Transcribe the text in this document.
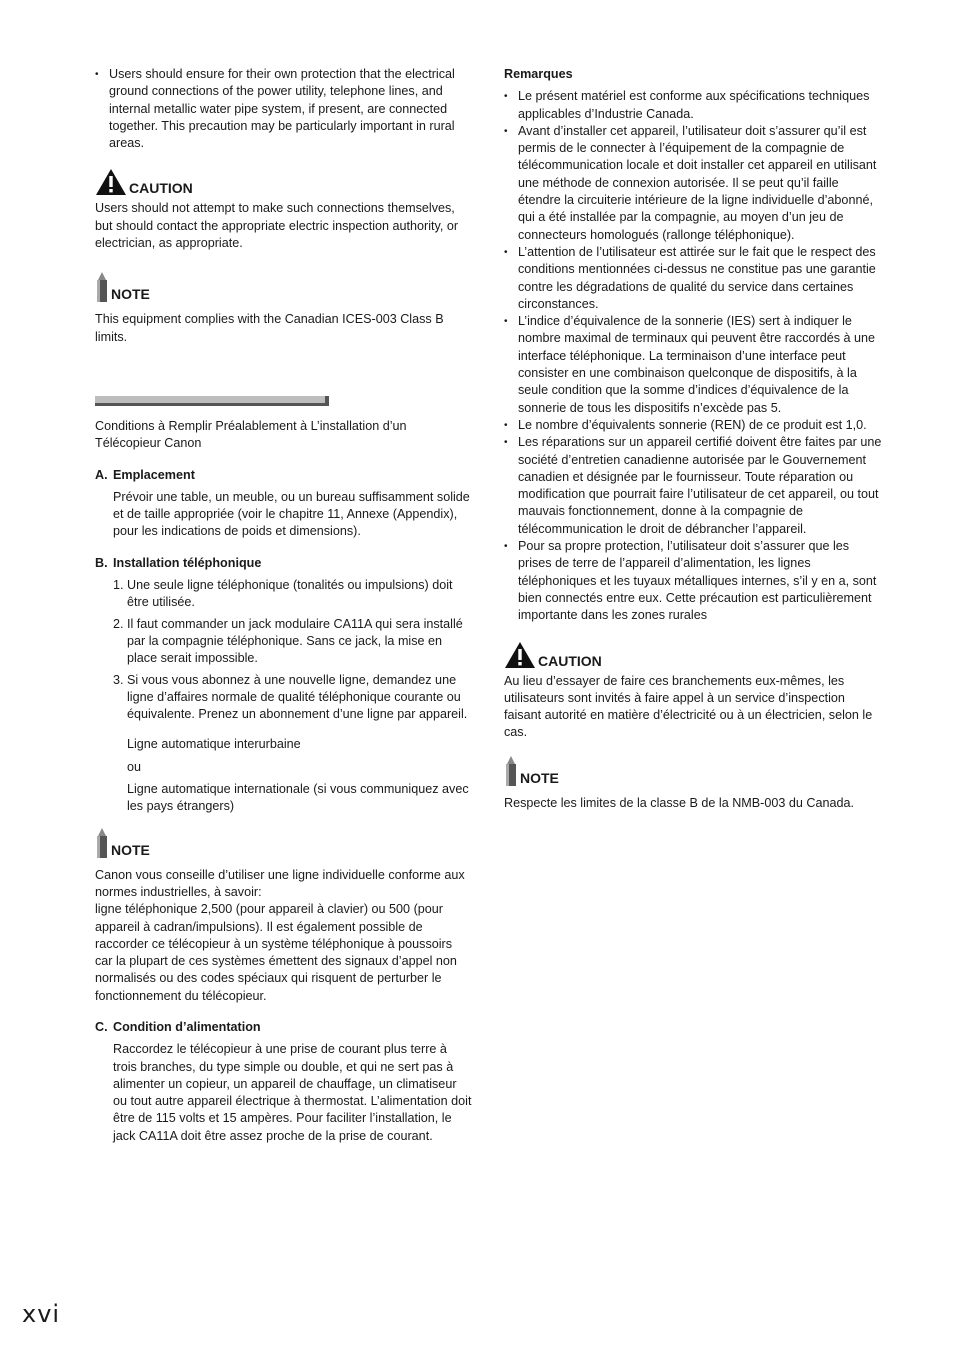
• Users should ensure for their own protection that the electrical ground connections of the power utility, telephone lines, and internal metallic water pipe system, if present, are connected together. This precaution may be particularly important in rural areas.
CAUTION

Users should not attempt to make such connections themselves, but should contact the appropriate electric inspection authority, or electrician, as appropriate.

NOTE

This equipment complies with the Canadian ICES-003 Class B limits.

Conditions à Remplir Préalablement à L’installation d’un Télécopieur Canon

A. Emplacement

Prévoir une table, un meuble, ou un bureau suffisamment solide et de taille appropriée (voir le chapitre 11, Annexe (Appendix), pour les indications de poids et dimensions).

B. Installation téléphonique
1. Une seule ligne téléphonique (tonalités ou impulsions) doit être utilisée.
2. Il faut commander un jack modulaire CA11A qui sera installé par la compagnie téléphonique. Sans ce jack, la mise en place serait impossible.
3. Si vous vous abonnez à une nouvelle ligne, demandez une ligne d’affaires normale de qualité téléphonique courante ou équivalente. Prenez un abonnement d’une ligne par appareil.

Ligne automatique interurbaine

ou

Ligne automatique internationale (si vous communiquez avec les pays étrangers)

NOTE

Canon vous conseille d’utiliser une ligne individuelle conforme aux normes industrielles, à savoir:

ligne téléphonique 2,500 (pour appareil à clavier) ou 500 (pour appareil à cadran/impulsions). Il est également possible de raccorder ce télécopieur à un système téléphonique à poussoirs car la plupart de ces systèmes émettent des signaux d’appel non normalisés ou des codes spéciaux qui risquent de perturber le fonctionnement du télécopieur.

C. Condition d’alimentation

Raccordez le télécopieur à une prise de courant plus terre à trois branches, du type simple ou double, et qui ne sert pas à alimenter un copieur, un appareil de chauffage, un climatiseur ou tout autre appareil électrique à thermostat. L’alimentation doit être de 115 volts et 15 ampères. Pour faciliter l’installation, le jack CA11A doit être assez proche de la prise de courant.

Remarques
• Le présent matériel est conforme aux spécifications techniques applicables d’Industrie Canada.
• Avant d’installer cet appareil, l’utilisateur doit s’assurer qu’il est permis de le connecter à l’équipement de la compagnie de télécommunication locale et doit installer cet appareil en utilisant une méthode de connexion autorisée. Il se peut qu’il faille étendre la circuiterie intérieure de la ligne individuelle d’abonné, qui a été installée par la compagnie, au moyen d’un jeu de connecteurs homologués (rallonge téléphonique).
• L’attention de l’utilisateur est attirée sur le fait que le respect des conditions mentionnées ci-dessus ne constitue pas une garantie contre les dégradations de qualité du service dans certaines circonstances.
• L’indice d’équivalence de la sonnerie (IES) sert à indiquer le nombre maximal de terminaux qui peuvent être raccordés à une interface téléphonique. La terminaison d’une interface peut consister en une combinaison quelconque de dispositifs, à la seule condition que la somme d’indices d’équivalence de la sonnerie de tous les dispositifs n’excède pas 5.
• Le nombre d’équivalents sonnerie (REN) de ce produit est 1,0.
• Les réparations sur un appareil certifié doivent être faites par une société d’entretien canadienne autorisée par le Gouvernement canadien et désignée par le fournisseur. Toute réparation ou modification que pourrait faire l’utilisateur de cet appareil, ou tout mauvais fonctionnement, donne à la compagnie de télécommunication le droit de débrancher l’appareil.
• Pour sa propre protection, l’utilisateur doit s’assurer que les prises de terre de l’appareil d’alimentation, les lignes téléphoniques et les tuyaux métalliques internes, s’il y en a, sont bien connectés entre eux. Cette précaution est particulièrement importante dans les zones rurales
CAUTION

Au lieu d’essayer de faire ces branchements eux-mêmes, les utilisateurs sont invités à faire appel à un service d’inspection faisant autorité en matière d’électricité ou à un électricien, selon le cas.

NOTE

Respecte les limites de la classe B de la NMB-003 du Canada.

xvi
